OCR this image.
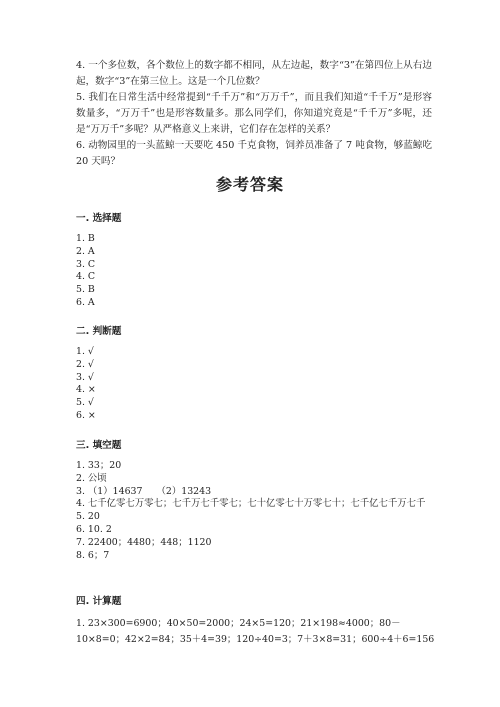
4. 一个多位数，各个数位上的数字都不相同，从左边起，数字“3”在第四位上从右边起，数字“3”在第三位上。这是一个几位数？

5. 我们在日常生活中经常提到“千千万”和“万万千”，而且我们知道“千千万”是形容数量多，“万万千”也是形容数量多。那么同学们，你知道究竟是“千千万”多呢，还是“万万千”多呢？从严格意义上来讲，它们存在怎样的关系？

6. 动物园里的一头蓝鲸一天要吃 450 千克食物，饲养员准备了 7 吨食物，够蓝鲸吃 20 天吗？

参考答案
一. 选择题
1. B
2. A
3. C
4. C
5. B
6. A
二. 判断题
1. √
2. √
3. √
4. ×
5. √
6. ×
三. 填空题
1. 33；20
2. 公顷
3. （1）14637　　（2）13243
4. 七千亿零七万零七；七千万七千零七；七十亿零七十万零七十；七千亿七千万七千
5. 20
6. 10. 2
7. 22400；4480；448；1120
8. 6；7
四. 计算题
1. 23×300=6900；40×50=2000；24×5=120；21×198≈4000；80－10×8=0；42×2=84；35＋4=39；120÷40=3；7＋3×8=31；600÷4＋6=156
